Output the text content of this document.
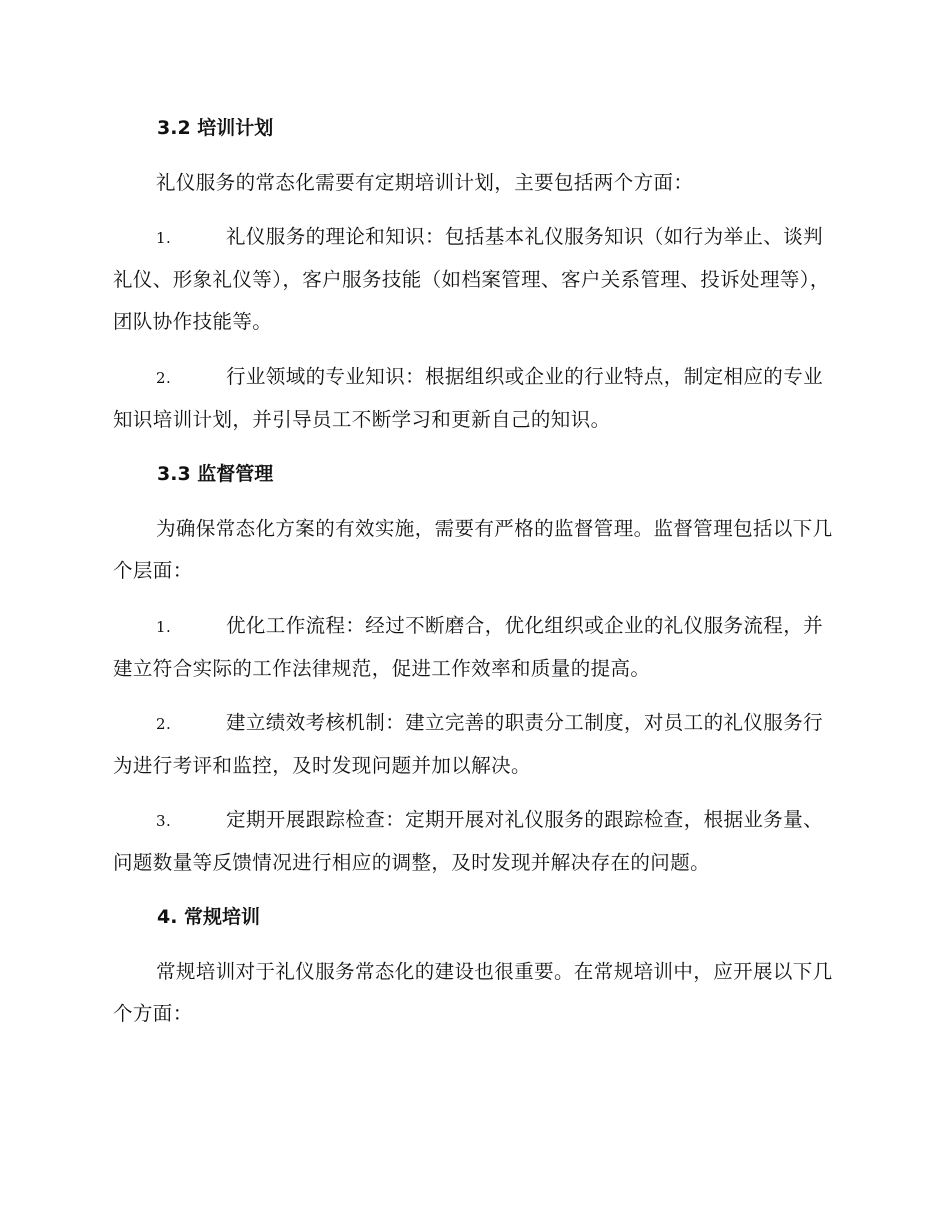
3.2 培训计划
礼仪服务的常态化需要有定期培训计划，主要包括两个方面：
1.	礼仪服务的理论和知识：包括基本礼仪服务知识（如行为举止、谈判礼仪、形象礼仪等），客户服务技能（如档案管理、客户关系管理、投诉处理等），团队协作技能等。
2.	行业领域的专业知识：根据组织或企业的行业特点，制定相应的专业知识培训计划，并引导员工不断学习和更新自己的知识。
3.3 监督管理
为确保常态化方案的有效实施，需要有严格的监督管理。监督管理包括以下几个层面：
1.	优化工作流程：经过不断磨合，优化组织或企业的礼仪服务流程，并建立符合实际的工作法律规范，促进工作效率和质量的提高。
2.	建立绩效考核机制：建立完善的职责分工制度，对员工的礼仪服务行为进行考评和监控，及时发现问题并加以解决。
3.	定期开展跟踪检查：定期开展对礼仪服务的跟踪检查，根据业务量、问题数量等反馈情况进行相应的调整，及时发现并解决存在的问题。
4. 常规培训
常规培训对于礼仪服务常态化的建设也很重要。在常规培训中，应开展以下几个方面：
